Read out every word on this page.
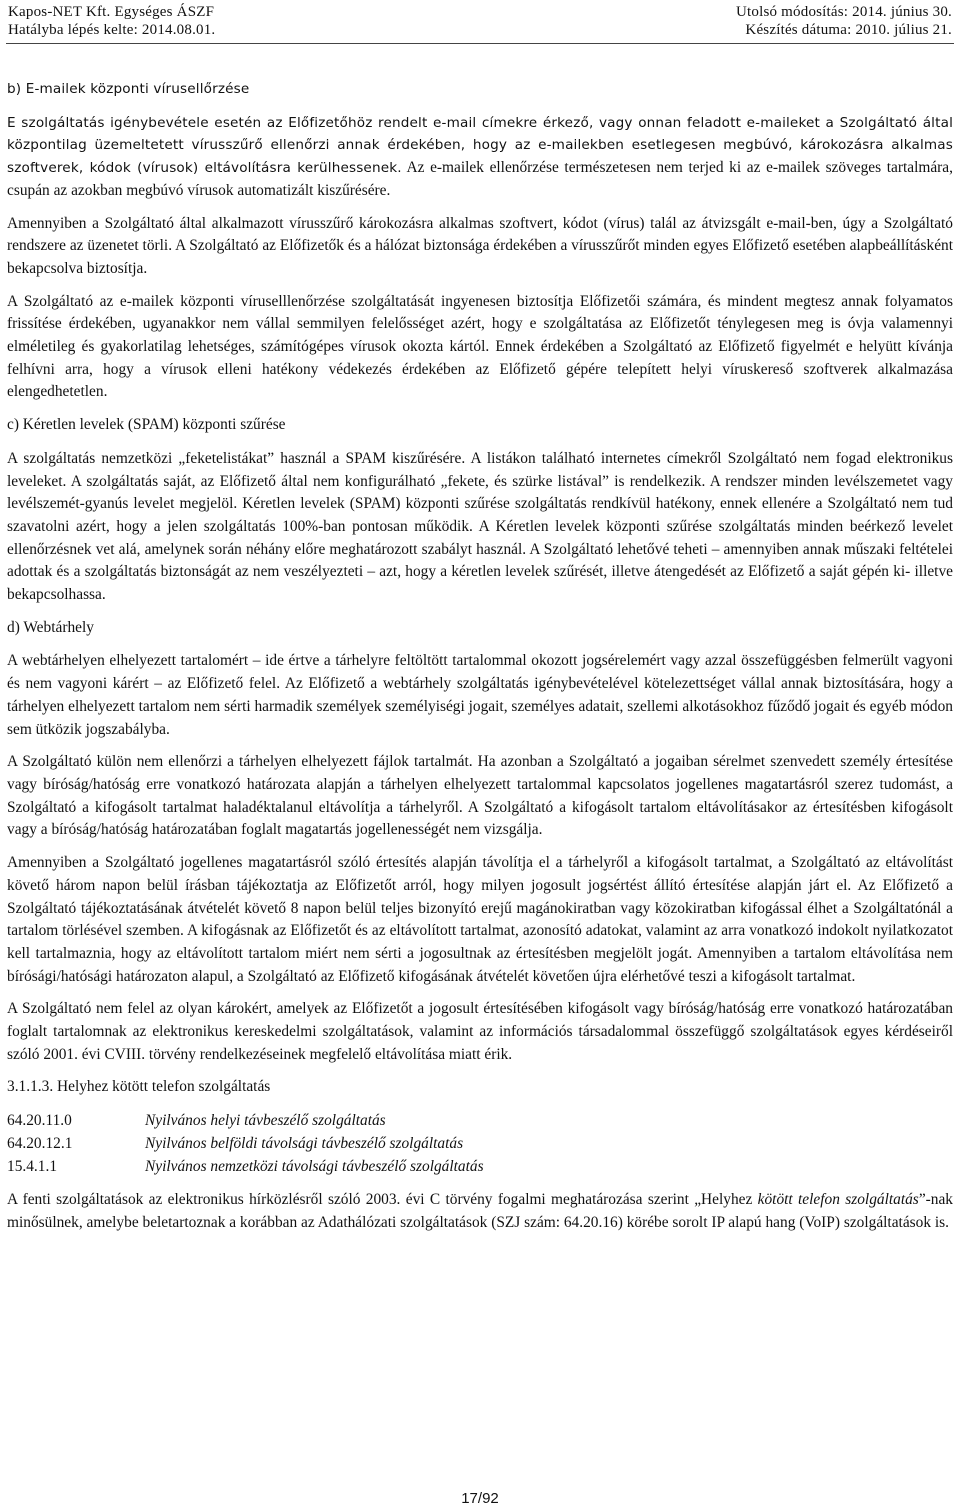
Kapos-NET Kft. Egységes ÁSZF	Utolsó módosítás: 2014. június 30.
Hatályba lépés kelte: 2014.08.01.	Készítés dátuma: 2010. július 21.
b) E-mailek központi vírusellőrzése

E szolgáltatás igénybevétele esetén az Előfizetőhöz rendelt e-mail címekre érkező, vagy onnan feladott e-maileket a Szolgáltató által központilag üzemeltetett vírusszűrő ellenőrzi annak érdekében, hogy az e-mailekben esetlegesen megbúvó, károkozásra alkalmas szoftverek, kódok (vírusok) eltávolításra kerülhessenek. Az e-mailek ellenőrzése természetesen nem terjed ki az e-mailek szöveges tartalmára, csupán az azokban megbúvó vírusok automatizált kiszűrésére.

Amennyiben a Szolgáltató által alkalmazott vírusszűrő károkozásra alkalmas szoftvert, kódot (vírus) talál az átvizsgált e-mail-ben, úgy a Szolgáltató rendszere az üzenetet törli. A Szolgáltató az Előfizetők és a hálózat biztonsága érdekében a vírusszűrőt minden egyes Előfizető esetében alapbeállításként bekapcsolva biztosítja.

A Szolgáltató az e-mailek központi víruselllenőrzése szolgáltatását ingyenesen biztosítja Előfizetői számára, és mindent megtesz annak folyamatos frissítése érdekében, ugyanakkor nem vállal semmilyen felelősséget azért, hogy e szolgáltatása az Előfizetőt ténylegesen meg is óvja valamennyi elméletileg és gyakorlatilag lehetséges, számítógépes vírusok okozta kártól. Ennek érdekében a Szolgáltató az Előfizető figyelmét e helyütt kívánja felhívni arra, hogy a vírusok elleni hatékony védekezés érdekében az Előfizető gépére telepített helyi víruskereső szoftverek alkalmazása elengedhetetlen.

c) Kéretlen levelek (SPAM) központi szűrése

A szolgáltatás nemzetközi „feketelistákat” használ a SPAM kiszűrésére. A listákon található internetes címekről Szolgáltató nem fogad elektronikus leveleket. A szolgáltatás saját, az Előfizető által nem konfigurálható „fekete, és szürke listával” is rendelkezik. A rendszer minden levélszemetet vagy levélszemét-gyanús levelet megjelöl. Kéretlen levelek (SPAM) központi szűrése szolgáltatás rendkívül hatékony, ennek ellenére a Szolgáltató nem tud szavatolni azért, hogy a jelen szolgáltatás 100%-ban pontosan működik. A Kéretlen levelek központi szűrése szolgáltatás minden beérkező levelet ellenőrzésnek vet alá, amelynek során néhány előre meghatározott szabályt használ. A Szolgáltató lehetővé teheti – amennyiben annak műszaki feltételei adottak és a szolgáltatás biztonságát az nem veszélyezteti – azt, hogy a kéretlen levelek szűrését, illetve átengedését az Előfizető a saját gépén ki- illetve bekapcsolhassa.

d) Webtárhely

A webtárhelyen elhelyezett tartalomért – ide értve a tárhelyre feltöltött tartalommal okozott jogsérelemért vagy azzal összefüggésben felmerült vagyoni és nem vagyoni kárért – az Előfizető felel. Az Előfizető a webtárhely szolgáltatás igénybevételével kötelezettséget vállal annak biztosítására, hogy a tárhelyen elhelyezett tartalom nem sérti harmadik személyek személyiségi jogait, személyes adatait, szellemi alkotásokhoz fűződő jogait és egyéb módon sem ütközik jogszabályba.

A Szolgáltató külön nem ellenőrzi a tárhelyen elhelyezett fájlok tartalmát. Ha azonban a Szolgáltató a jogaiban sérelmet szenvedett személy értesítése vagy bíróság/hatóság erre vonatkozó határozata alapján a tárhelyen elhelyezett tartalommal kapcsolatos jogellenes magatartásról szerez tudomást, a Szolgáltató a kifogásolt tartalmat haladéktalanul eltávolítja a tárhelyről. A Szolgáltató a kifogásolt tartalom eltávolításakor az értesítésben kifogásolt vagy a bíróság/hatóság határozatában foglalt magatartás jogellenességét nem vizsgálja.

Amennyiben a Szolgáltató jogellenes magatartásról szóló értesítés alapján távolítja el a tárhelyről a kifogásolt tartalmat, a Szolgáltató az eltávolítást követő három napon belül írásban tájékoztatja az Előfizetőt arról, hogy milyen jogosult jogsértést állító értesítése alapján járt el. Az Előfizető a Szolgáltató tájékoztatásának átvételét követő 8 napon belül teljes bizonyító erejű magánokiratban vagy közokiratban kifogással élhet a Szolgáltatónál a tartalom törlésével szemben. A kifogásnak az Előfizetőt és az eltávolított tartalmat, azonosító adatokat, valamint az arra vonatkozó indokolt nyilatkozatot kell tartalmaznia, hogy az eltávolított tartalom miért nem sérti a jogosultnak az értesítésben megjelölt jogát. Amennyiben a tartalom eltávolítása nem bírósági/hatósági határozaton alapul, a Szolgáltató az Előfizető kifogásának átvételét követően újra elérhetővé teszi a kifogásolt tartalmat.

A Szolgáltató nem felel az olyan károkért, amelyek az Előfizetőt a jogosult értesítésében kifogásolt vagy bíróság/hatóság erre vonatkozó határozatában foglalt tartalomnak az elektronikus kereskedelmi szolgáltatások, valamint az információs társadalommal összefüggő szolgáltatások egyes kérdéseiről szóló 2001. évi CVIII. törvény rendelkezéseinek megfelelő eltávolítása miatt érik.

3.1.1.3. Helyhez kötött telefon szolgáltatás
64.20.11.0	Nyilvános helyi távbeszélő szolgáltatás
64.20.12.1	Nyilvános belföldi távolsági távbeszélő szolgáltatás
15.4.1.1	Nyilvános nemzetközi távolsági távbeszélő szolgáltatás

A fenti szolgáltatások az elektronikus hírközlésről szóló 2003. évi C törvény fogalmi meghatározása szerint „Helyhez kötött telefon szolgáltatás”-nak minősülnek, amelybe beletartoznak a korábban az Adathálózati szolgáltatások (SZJ szám: 64.20.16) körébe sorolt IP alapú hang (VoIP) szolgáltatások is.

17/92
